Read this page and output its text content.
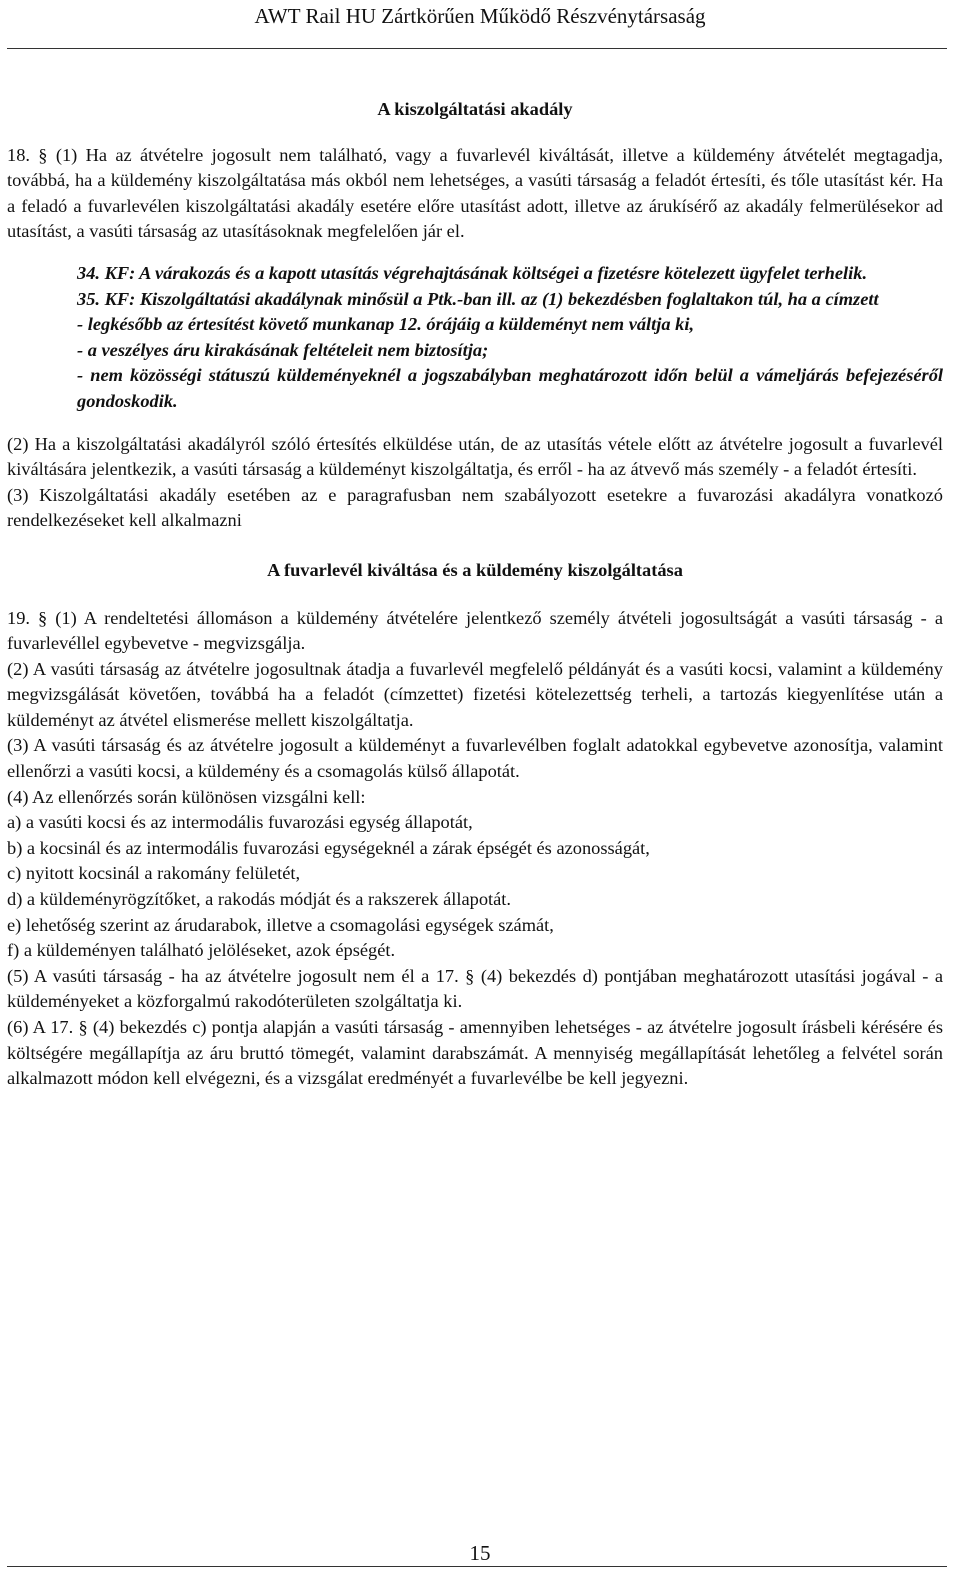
AWT Rail HU Zártkörűen Működő Részvénytársaság

A kiszolgáltatási akadály

18. § (1) Ha az átvételre jogosult nem található, vagy a fuvarlevél kiváltását, illetve a küldemény átvételét megtagadja, továbbá, ha a küldemény kiszolgáltatása más okból nem lehetséges, a vasúti társaság a feladót értesíti, és tőle utasítást kér. Ha a feladó a fuvarlevélen kiszolgáltatási akadály esetére előre utasítást adott, illetve az árukísérő az akadály felmerülésekor ad utasítást, a vasúti társaság az utasításoknak megfelelően jár el.

34. KF: A várakozás és a kapott utasítás végrehajtásának költségei a fizetésre kötelezett ügyfelet terhelik.

35. KF: Kiszolgáltatási akadálynak minősül a Ptk.-ban ill. az (1) bekezdésben foglaltakon túl, ha a címzett

- legkésőbb az értesítést követő munkanap 12. órájáig a küldeményt nem váltja ki,

- a veszélyes áru kirakásának feltételeit nem biztosítja;

- nem közösségi státuszú küldeményeknél a jogszabályban meghatározott időn belül a vámeljárás befejezéséről gondoskodik.

(2) Ha a kiszolgáltatási akadályról szóló értesítés elküldése után, de az utasítás vétele előtt az átvételre jogosult a fuvarlevél kiváltására jelentkezik, a vasúti társaság a küldeményt kiszolgáltatja, és erről - ha az átvevő más személy - a feladót értesíti.

(3) Kiszolgáltatási akadály esetében az e paragrafusban nem szabályozott esetekre a fuvarozási akadályra vonatkozó rendelkezéseket kell alkalmazni

A fuvarlevél kiváltása és a küldemény kiszolgáltatása

19. § (1) A rendeltetési állomáson a küldemény átvételére jelentkező személy átvételi jogosultságát a vasúti társaság - a fuvarlevéllel egybevetve - megvizsgálja.

(2) A vasúti társaság az átvételre jogosultnak átadja a fuvarlevél megfelelő példányát és a vasúti kocsi, valamint a küldemény megvizsgálását követően, továbbá ha a feladót (címzettet) fizetési kötelezettség terheli, a tartozás kiegyenlítése után a küldeményt az átvétel elismerése mellett kiszolgáltatja.

(3) A vasúti társaság és az átvételre jogosult a küldeményt a fuvarlevélben foglalt adatokkal egybevetve azonosítja, valamint ellenőrzi a vasúti kocsi, a küldemény és a csomagolás külső állapotát.

(4) Az ellenőrzés során különösen vizsgálni kell:

a) a vasúti kocsi és az intermodális fuvarozási egység állapotát,

b) a kocsinál és az intermodális fuvarozási egységeknél a zárak épségét és azonosságát,

c) nyitott kocsinál a rakomány felületét,

d) a küldeményrögzítőket, a rakodás módját és a rakszerek állapotát.

e) lehetőség szerint az árudarabok, illetve a csomagolási egységek számát,

f) a küldeményen található jelöléseket, azok épségét.

(5) A vasúti társaság - ha az átvételre jogosult nem él a 17. § (4) bekezdés d) pontjában meghatározott utasítási jogával - a küldeményeket a közforgalmú rakodóterületen szolgáltatja ki.

(6) A 17. § (4) bekezdés c) pontja alapján a vasúti társaság - amennyiben lehetséges - az átvételre jogosult írásbeli kérésére és költségére megállapítja az áru bruttó tömegét, valamint darabszámát. A mennyiség megállapítását lehetőleg a felvétel során alkalmazott módon kell elvégezni, és a vizsgálat eredményét a fuvarlevélbe be kell jegyezni.

15
